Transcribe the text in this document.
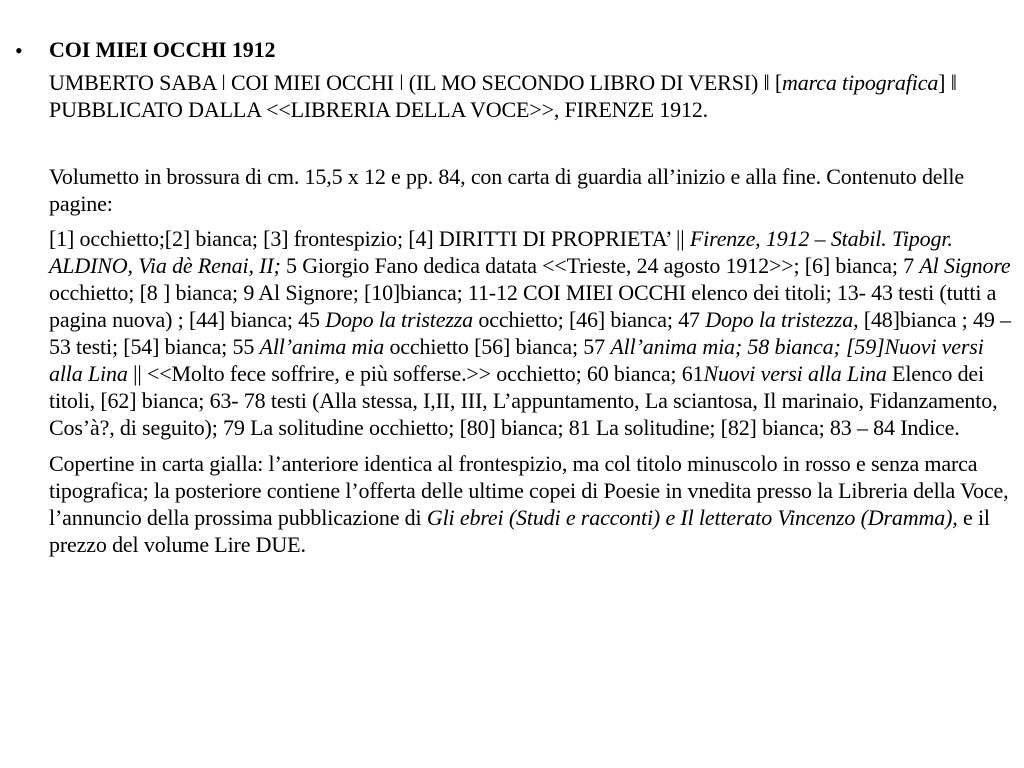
• COI MIEI OCCHI 1912

UMBERTO SABA ǀ COI MIEI OCCHI ǀ (IL MO SECONDO LIBRO DI VERSI) ǁ [marca tipografica] ǁ PUBBLICATO DALLA <<LIBRERIA DELLA VOCE>>, FIRENZE 1912.

Volumetto in brossura di cm. 15,5 x 12 e pp. 84, con carta di guardia all’inizio e alla fine. Contenuto delle pagine:

[1] occhietto;[2] bianca; [3] frontespizio; [4] DIRITTI DI PROPRIETA’ || Firenze, 1912 – Stabil. Tipogr. ALDINO, Via dè Renai, II; 5 Giorgio Fano dedica datata <<Trieste, 24 agosto 1912>>; [6] bianca; 7 Al Signore occhietto; [8 ] bianca; 9 Al Signore; [10]bianca; 11-12 COI MIEI OCCHI elenco dei titoli; 13- 43 testi (tutti a pagina nuova) ; [44] bianca; 45 Dopo la tristezza occhietto; [46] bianca; 47 Dopo la tristezza, [48]bianca ; 49 – 53 testi; [54] bianca; 55 All’anima mia occhietto [56] bianca; 57 All’anima mia; 58 bianca; [59]Nuovi versi alla Lina || <<Molto fece soffrire, e più sofferse.>> occhietto; 60 bianca; 61Nuovi versi alla Lina Elenco dei titoli, [62] bianca; 63- 78 testi (Alla stessa, I,II, III, L’appuntamento, La sciantosa, Il marinaio, Fidanzamento, Cos’à?, di seguito); 79 La solitudine occhietto; [80] bianca; 81 La solitudine; [82] bianca; 83 – 84 Indice.

Copertine in carta gialla: l’anteriore identica al frontespizio, ma col titolo minuscolo in rosso e senza marca tipografica; la posteriore contiene l’offerta delle ultime copei di Poesie in vnedita presso la Libreria della Voce, l’annuncio della prossima pubblicazione di Gli ebrei (Studi e racconti) e Il letterato Vincenzo (Dramma), e il prezzo del volume Lire DUE.
